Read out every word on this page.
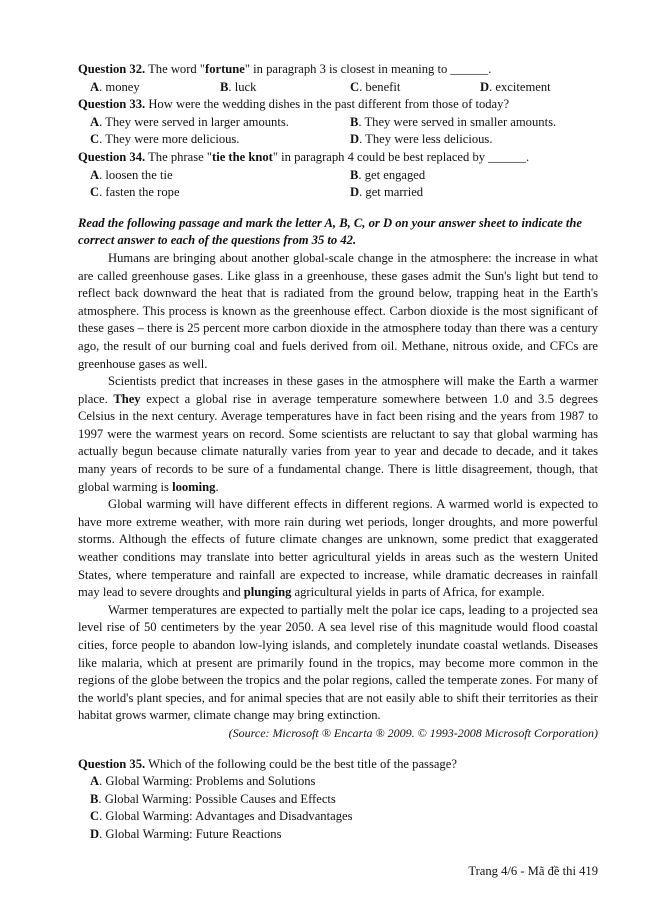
Question 32. The word "fortune" in paragraph 3 is closest in meaning to ______.

A. money	B. luck	C. benefit	D. excitement

Question 33. How were the wedding dishes in the past different from those of today?

A. They were served in larger amounts.	B. They were served in smaller amounts.
C. They were more delicious.	D. They were less delicious.

Question 34. The phrase "tie the knot" in paragraph 4 could be best replaced by ______.

A. loosen the tie	B. get engaged
C. fasten the rope	D. get married

Read the following passage and mark the letter A, B, C, or D on your answer sheet to indicate the correct answer to each of the questions from 35 to 42.

Humans are bringing about another global-scale change in the atmosphere: the increase in what are called greenhouse gases. Like glass in a greenhouse, these gases admit the Sun's light but tend to reflect back downward the heat that is radiated from the ground below, trapping heat in the Earth's atmosphere. This process is known as the greenhouse effect. Carbon dioxide is the most significant of these gases – there is 25 percent more carbon dioxide in the atmosphere today than there was a century ago, the result of our burning coal and fuels derived from oil. Methane, nitrous oxide, and CFCs are greenhouse gases as well.

Scientists predict that increases in these gases in the atmosphere will make the Earth a warmer place. They expect a global rise in average temperature somewhere between 1.0 and 3.5 degrees Celsius in the next century. Average temperatures have in fact been rising and the years from 1987 to 1997 were the warmest years on record. Some scientists are reluctant to say that global warming has actually begun because climate naturally varies from year to year and decade to decade, and it takes many years of records to be sure of a fundamental change. There is little disagreement, though, that global warming is looming.

Global warming will have different effects in different regions. A warmed world is expected to have more extreme weather, with more rain during wet periods, longer droughts, and more powerful storms. Although the effects of future climate changes are unknown, some predict that exaggerated weather conditions may translate into better agricultural yields in areas such as the western United States, where temperature and rainfall are expected to increase, while dramatic decreases in rainfall may lead to severe droughts and plunging agricultural yields in parts of Africa, for example.

Warmer temperatures are expected to partially melt the polar ice caps, leading to a projected sea level rise of 50 centimeters by the year 2050. A sea level rise of this magnitude would flood coastal cities, force people to abandon low-lying islands, and completely inundate coastal wetlands. Diseases like malaria, which at present are primarily found in the tropics, may become more common in the regions of the globe between the tropics and the polar regions, called the temperate zones. For many of the world's plant species, and for animal species that are not easily able to shift their territories as their habitat grows warmer, climate change may bring extinction.

(Source: Microsoft ® Encarta ® 2009. © 1993-2008 Microsoft Corporation)

Question 35. Which of the following could be the best title of the passage?

A. Global Warming: Problems and Solutions
B. Global Warming: Possible Causes and Effects
C. Global Warming: Advantages and Disadvantages
D. Global Warming: Future Reactions
Trang 4/6 - Mã đề thi 419
